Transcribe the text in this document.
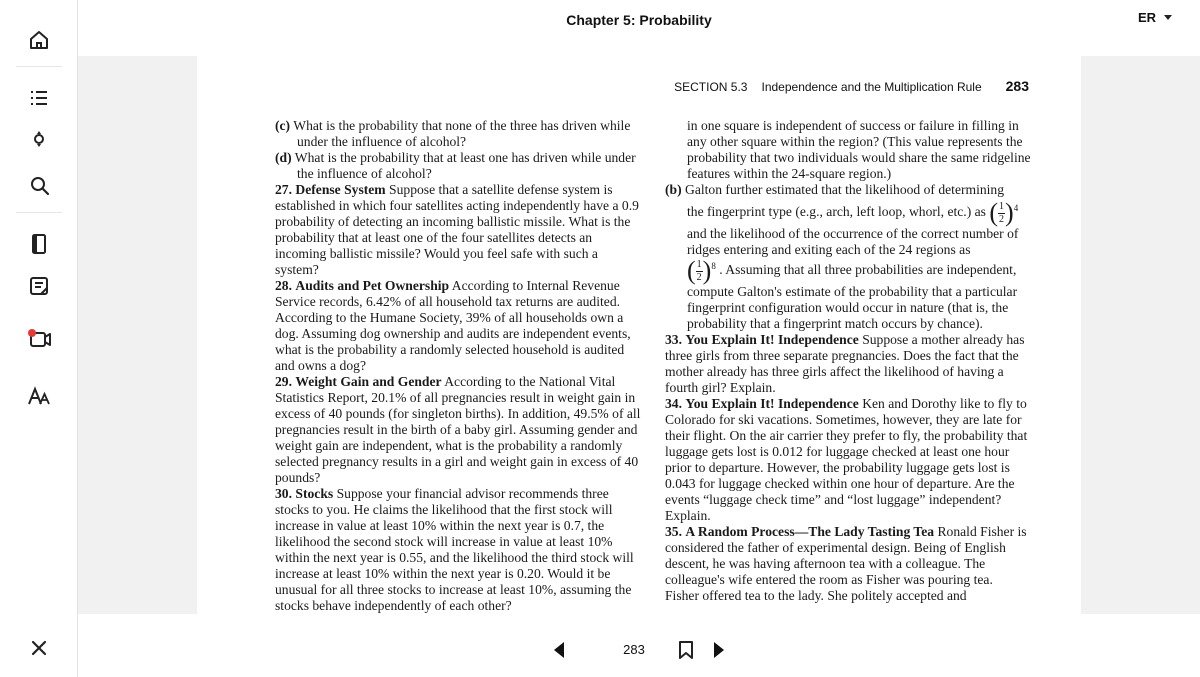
Chapter 5: Probability	ER
SECTION 5.3 Independence and the Multiplication Rule 283
(c) What is the probability that none of the three has driven while under the influence of alcohol?
(d) What is the probability that at least one has driven while under the influence of alcohol?
27. Defense System Suppose that a satellite defense system is established in which four satellites acting independently have a 0.9 probability of detecting an incoming ballistic missile. What is the probability that at least one of the four satellites detects an incoming ballistic missile? Would you feel safe with such a system?
28. Audits and Pet Ownership According to Internal Revenue Service records, 6.42% of all household tax returns are audited. According to the Humane Society, 39% of all households own a dog. Assuming dog ownership and audits are independent events, what is the probability a randomly selected household is audited and owns a dog?
29. Weight Gain and Gender According to the National Vital Statistics Report, 20.1% of all pregnancies result in weight gain in excess of 40 pounds (for singleton births). In addition, 49.5% of all pregnancies result in the birth of a baby girl. Assuming gender and weight gain are independent, what is the probability a randomly selected pregnancy results in a girl and weight gain in excess of 40 pounds?
30. Stocks Suppose your financial advisor recommends three stocks to you. He claims the likelihood that the first stock will increase in value at least 10% within the next year is 0.7, the likelihood the second stock will increase in value at least 10% within the next year is 0.55, and the likelihood the third stock will increase at least 10% within the next year is 0.20. Would it be unusual for all three stocks to increase at least 10%, assuming the stocks behave independently of each other?
in one square is independent of success or failure in filling in any other square within the region? (This value represents the probability that two individuals would share the same ridgeline features within the 24-square region.)
(b) Galton further estimated that the likelihood of determining
the fingerprint type (e.g., arch, left loop, whorl, etc.) as ( 1
2 )$^4$
and the likelihood of the occurrence of the correct number of ridges entering and exiting each of the 24 regions as
( 1
2 )$^8$ . Assuming that all three probabilities are independent,
compute Galton's estimate of the probability that a particular fingerprint configuration would occur in nature (that is, the probability that a fingerprint match occurs by chance).
33. You Explain It! Independence Suppose a mother already has three girls from three separate pregnancies. Does the fact that the mother already has three girls affect the likelihood of having a fourth girl? Explain.
34. You Explain It! Independence Ken and Dorothy like to fly to Colorado for ski vacations. Sometimes, however, they are late for their flight. On the air carrier they prefer to fly, the probability that luggage gets lost is 0.012 for luggage checked at least one hour prior to departure. However, the probability luggage gets lost is 0.043 for luggage checked within one hour of departure. Are the events “luggage check time” and “lost luggage” independent? Explain.
35. A Random Process—The Lady Tasting Tea Ronald Fisher is considered the father of experimental design. Being of English descent, he was having afternoon tea with a colleague. The colleague's wife entered the room as Fisher was pouring tea.
Fisher offered tea to the lady. She politely accepted and
283
